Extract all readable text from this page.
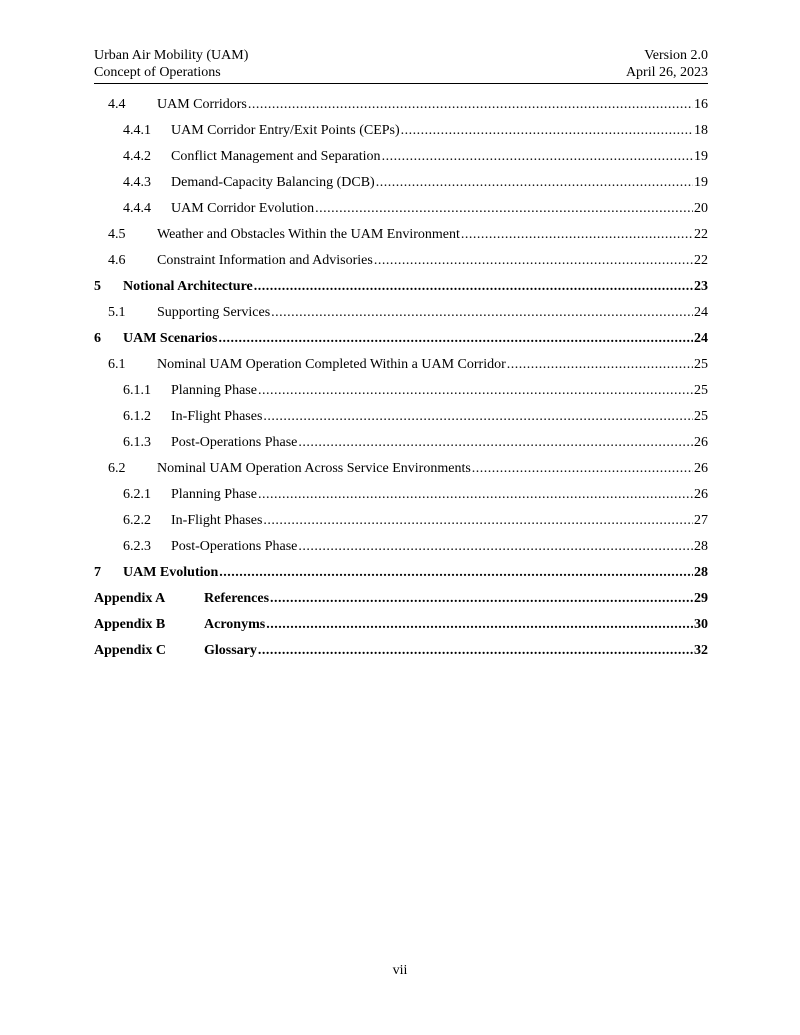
Urban Air Mobility (UAM)	Version 2.0
Concept of Operations	April 26, 2023
4.4	UAM Corridors .....	16
4.4.1	UAM Corridor Entry/Exit Points (CEPs) .....	18
4.4.2	Conflict Management and Separation .....	19
4.4.3	Demand-Capacity Balancing (DCB) .....	19
4.4.4	UAM Corridor Evolution .....	20
4.5	Weather and Obstacles Within the UAM Environment .....	22
4.6	Constraint Information and Advisories .....	22
5	Notional Architecture .....	23
5.1	Supporting Services .....	24
6	UAM Scenarios .....	24
6.1	Nominal UAM Operation Completed Within a UAM Corridor .....	25
6.1.1	Planning Phase .....	25
6.1.2	In-Flight Phases .....	25
6.1.3	Post-Operations Phase .....	26
6.2	Nominal UAM Operation Across Service Environments .....	26
6.2.1	Planning Phase .....	26
6.2.2	In-Flight Phases .....	27
6.2.3	Post-Operations Phase .....	28
7	UAM Evolution .....	28
Appendix A	References .....	29
Appendix B	Acronyms .....	30
Appendix C	Glossary .....	32
vii
